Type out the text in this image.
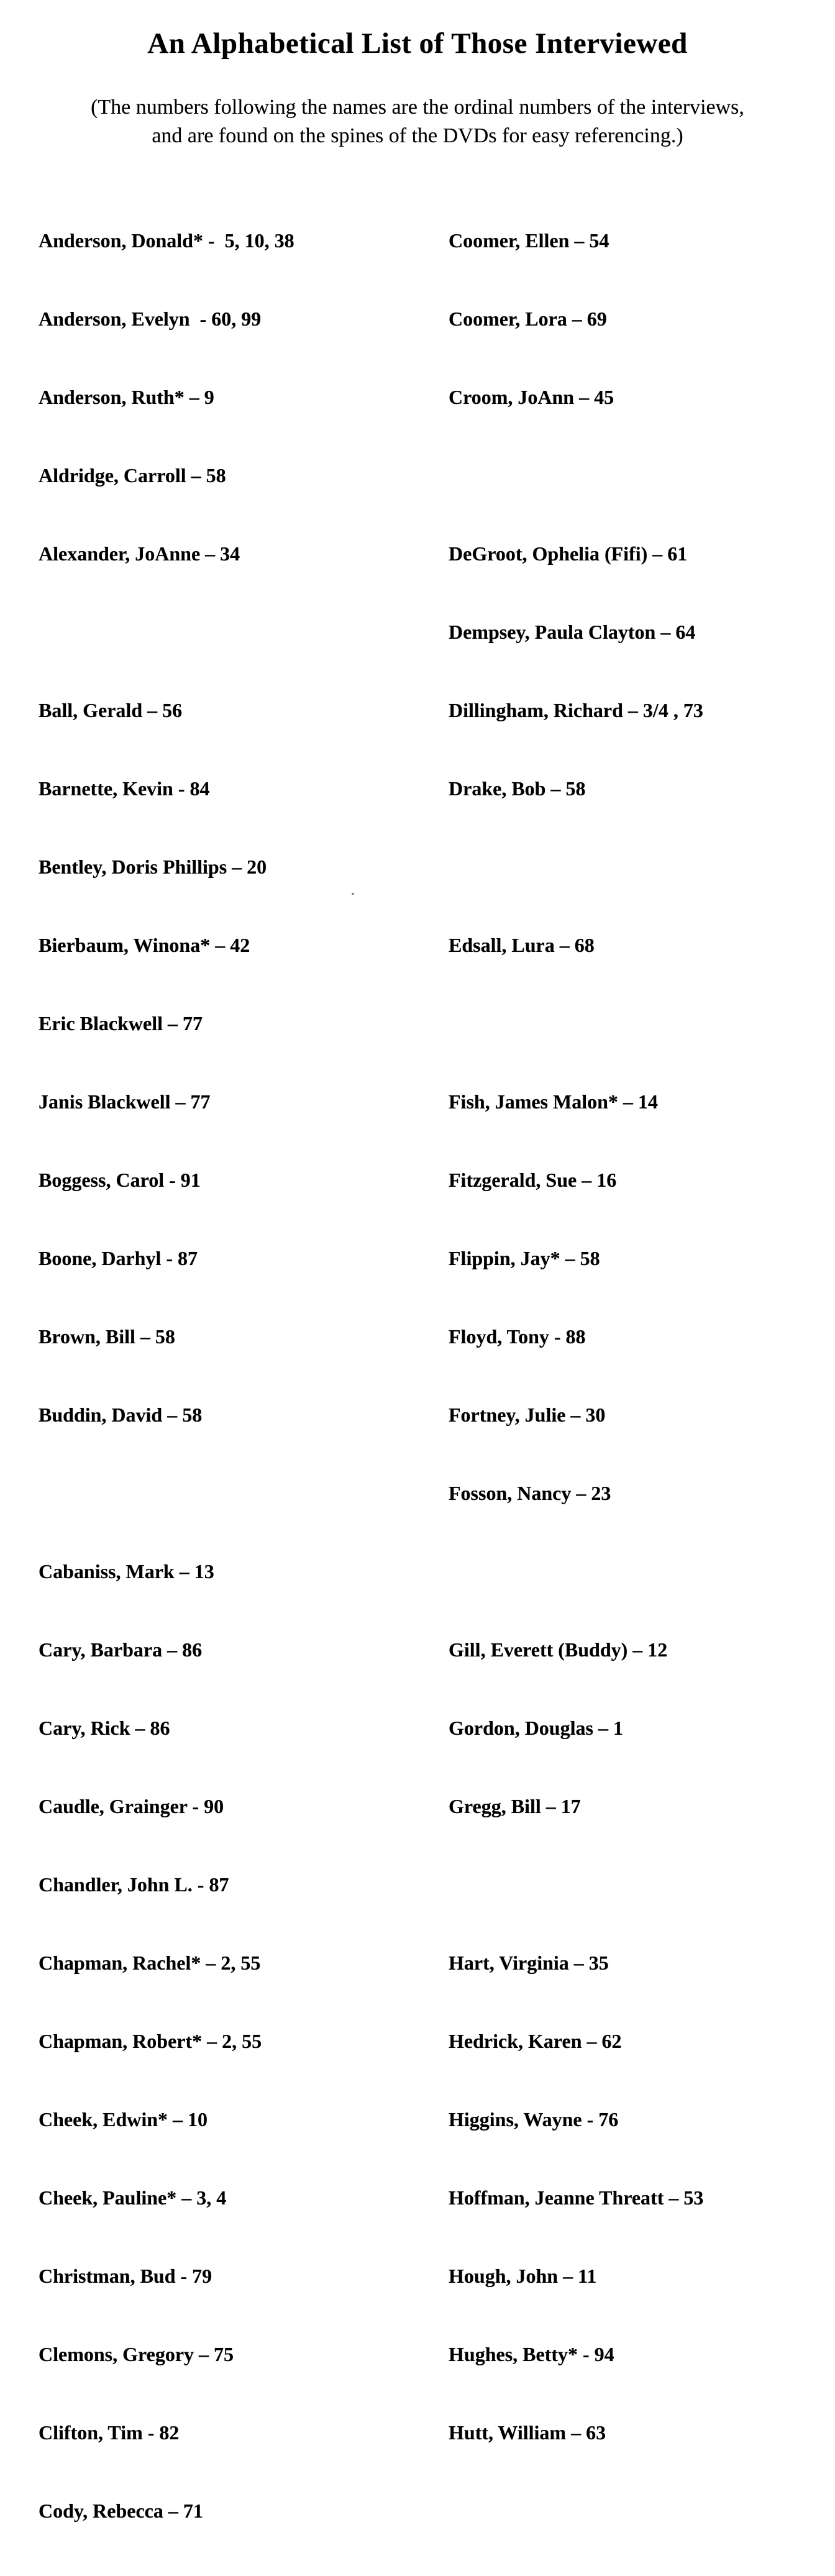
An Alphabetical List of Those Interviewed
(The numbers following the names are the ordinal numbers of the interviews,
and are found on the spines of the DVDs for easy referencing.)

Anderson, Donald* -  5, 10, 38

Anderson, Evelyn  - 60, 99

Anderson, Ruth* – 9

Aldridge, Carroll – 58

Alexander, JoAnne – 34

Ball, Gerald – 56

Barnette, Kevin - 84

Bentley, Doris Phillips – 20

Bierbaum, Winona* – 42

Eric Blackwell – 77

Janis Blackwell – 77

Boggess, Carol - 91

Boone, Darhyl - 87

Brown, Bill – 58

Buddin, David – 58

Cabaniss, Mark – 13

Cary, Barbara – 86

Cary, Rick – 86

Caudle, Grainger - 90

Chandler, John L. - 87

Chapman, Rachel* – 2, 55

Chapman, Robert* – 2, 55

Cheek, Edwin* – 10

Cheek, Pauline* – 3, 4

Christman, Bud - 79

Clemons, Gregory – 75

Clifton, Tim - 82

Cody, Rebecca – 71

Coomer, Ellen – 54

Coomer, Lora – 69

Croom, JoAnn – 45

DeGroot, Ophelia (Fifi) – 61

Dempsey, Paula Clayton – 64

Dillingham, Richard – 3/4 , 73

Drake, Bob – 58

Edsall, Lura – 68

Fish, James Malon* – 14

Fitzgerald, Sue – 16

Flippin, Jay* – 58

Floyd, Tony - 88

Fortney, Julie – 30

Fosson, Nancy – 23

Gill, Everett (Buddy) – 12

Gordon, Douglas – 1

Gregg, Bill – 17

Hart, Virginia – 35

Hedrick, Karen – 62

Higgins, Wayne - 76

Hoffman, Jeanne Threatt – 53

Hough, John – 11

Hughes, Betty* - 94

Hutt, William – 63
